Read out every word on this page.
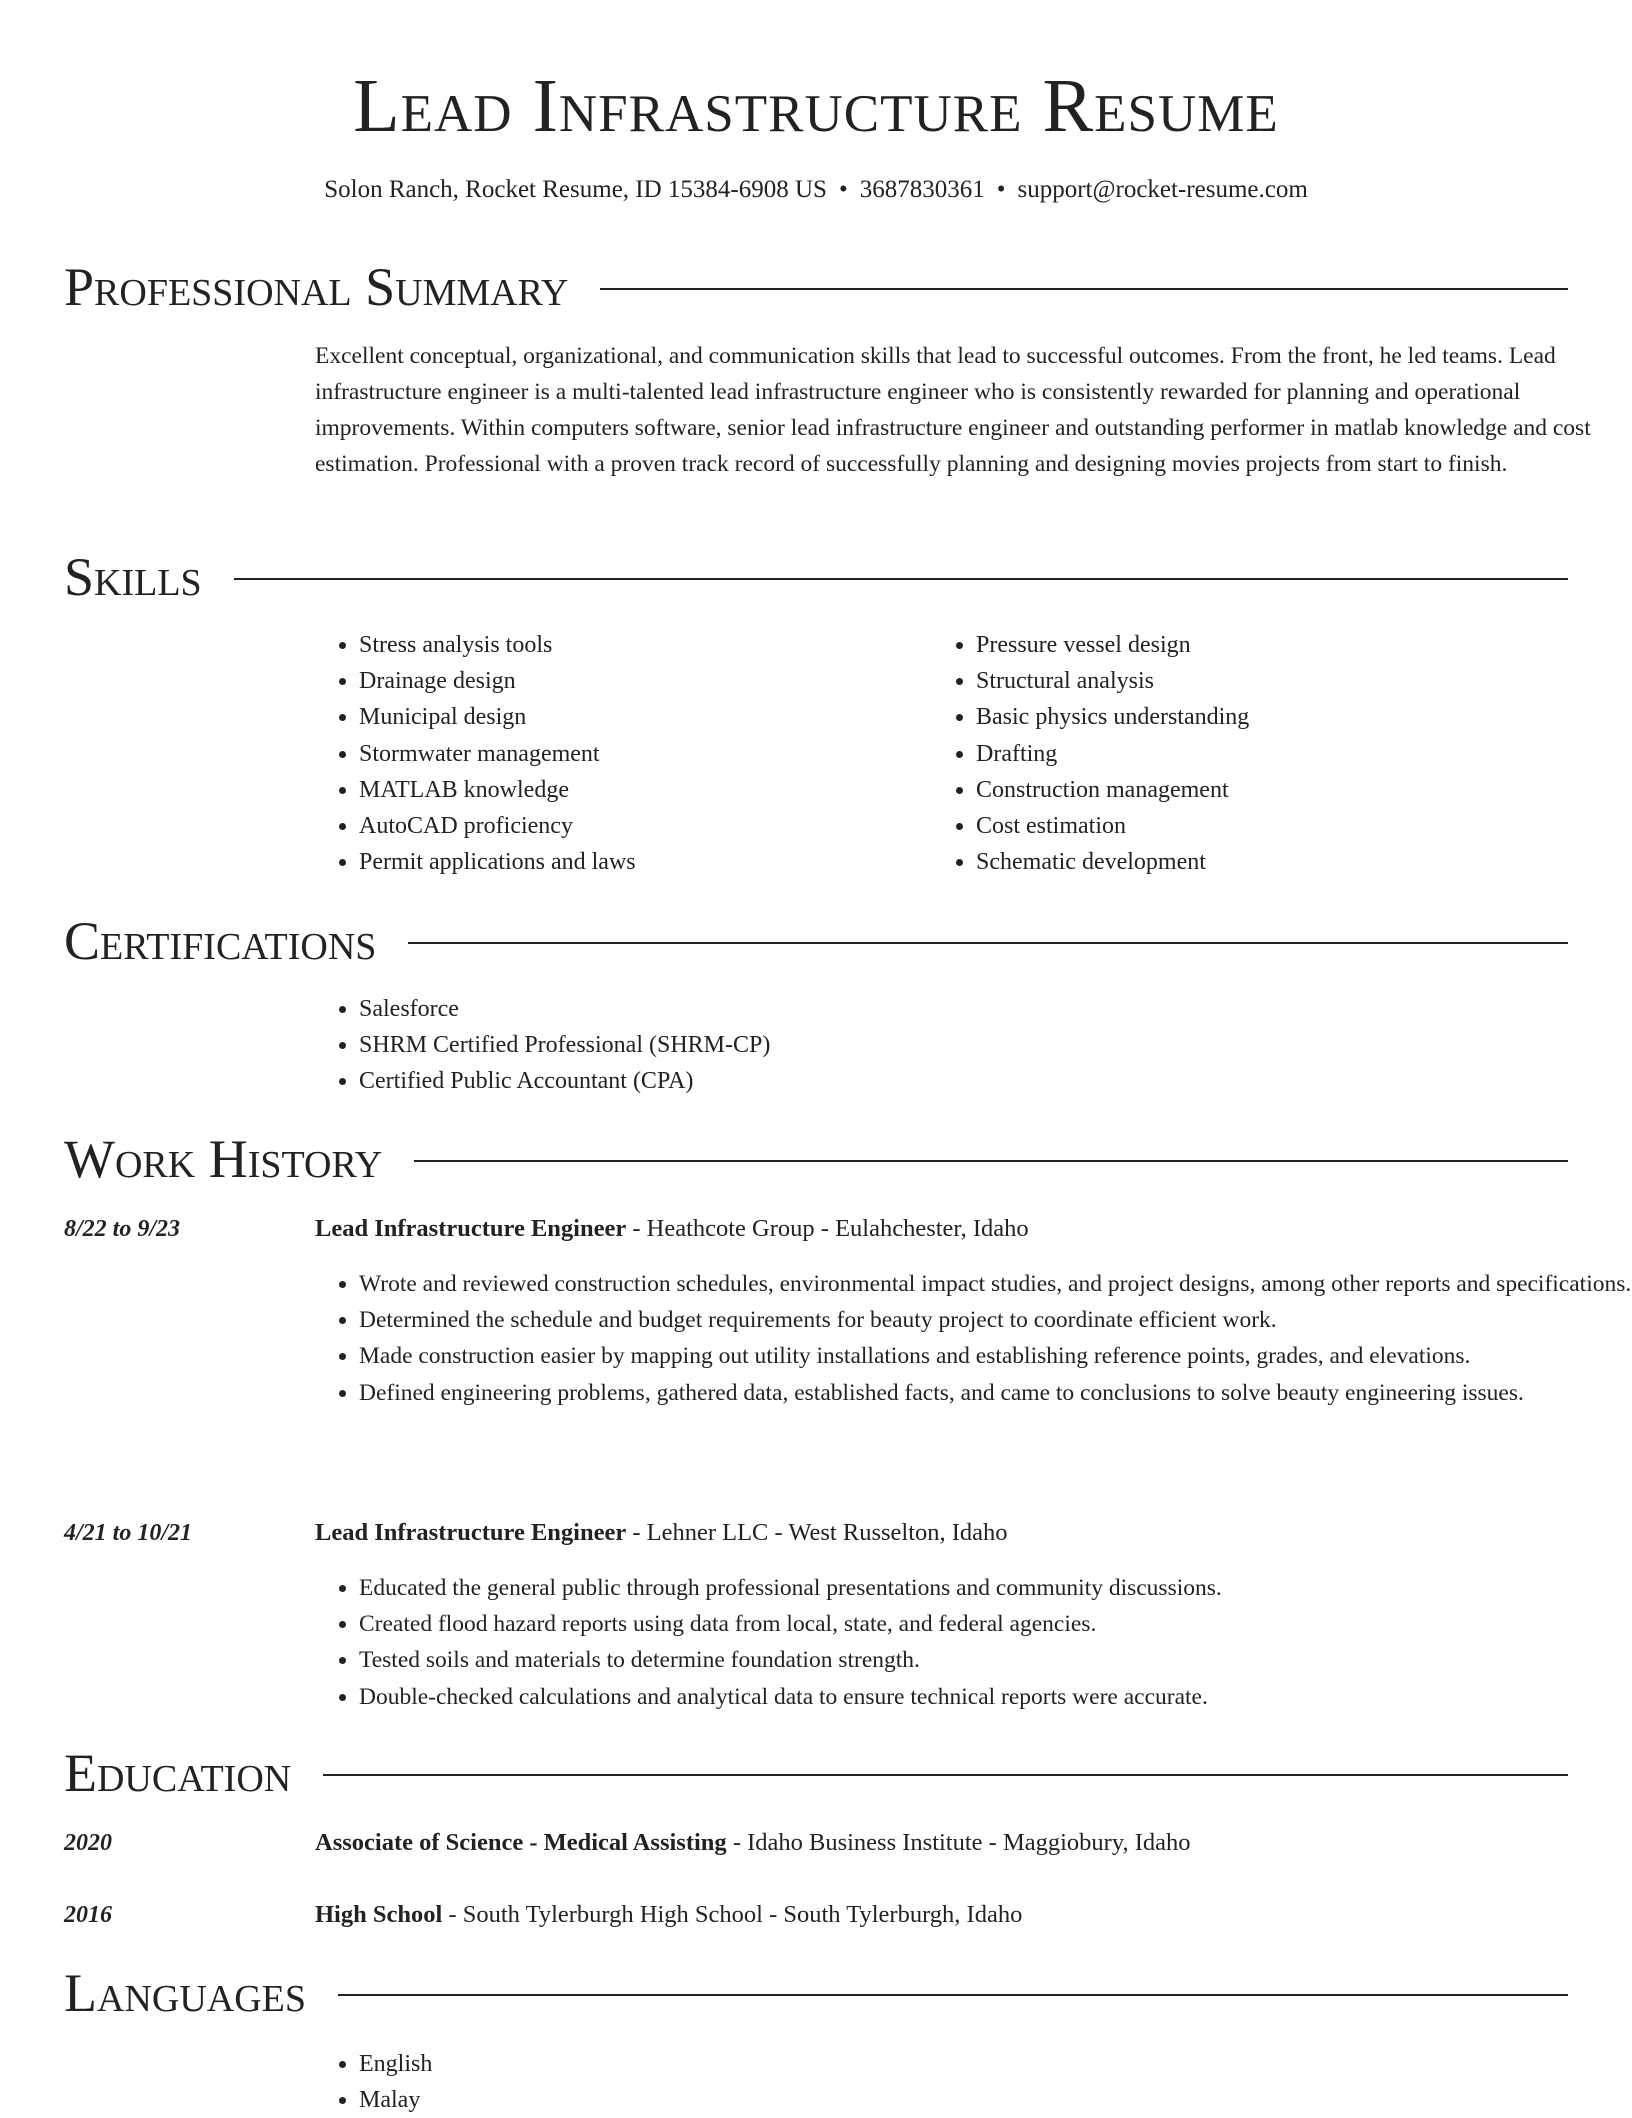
Lead Infrastructure Resume
Solon Ranch, Rocket Resume, ID 15384-6908 US • 3687830361 • support@rocket-resume.com
Professional Summary
Excellent conceptual, organizational, and communication skills that lead to successful outcomes. From the front, he led teams. Lead infrastructure engineer is a multi-talented lead infrastructure engineer who is consistently rewarded for planning and operational improvements. Within computers software, senior lead infrastructure engineer and outstanding performer in matlab knowledge and cost estimation. Professional with a proven track record of successfully planning and designing movies projects from start to finish.
Skills
• Stress analysis tools
• Drainage design
• Municipal design
• Stormwater management
• MATLAB knowledge
• AutoCAD proficiency
• Permit applications and laws
• Pressure vessel design
• Structural analysis
• Basic physics understanding
• Drafting
• Construction management
• Cost estimation
• Schematic development
Certifications
• Salesforce
• SHRM Certified Professional (SHRM-CP)
• Certified Public Accountant (CPA)
Work History
8/22 to 9/23	Lead Infrastructure Engineer - Heathcote Group - Eulahchester, Idaho
• Wrote and reviewed construction schedules, environmental impact studies, and project designs, among other reports and specifications.
• Determined the schedule and budget requirements for beauty project to coordinate efficient work.
• Made construction easier by mapping out utility installations and establishing reference points, grades, and elevations.
• Defined engineering problems, gathered data, established facts, and came to conclusions to solve beauty engineering issues.
4/21 to 10/21	Lead Infrastructure Engineer - Lehner LLC - West Russelton, Idaho
• Educated the general public through professional presentations and community discussions.
• Created flood hazard reports using data from local, state, and federal agencies.
• Tested soils and materials to determine foundation strength.
• Double-checked calculations and analytical data to ensure technical reports were accurate.
Education
2020	Associate of Science - Medical Assisting - Idaho Business Institute - Maggiobury, Idaho
2016	High School - South Tylerburgh High School - South Tylerburgh, Idaho
Languages
• English
• Malay
